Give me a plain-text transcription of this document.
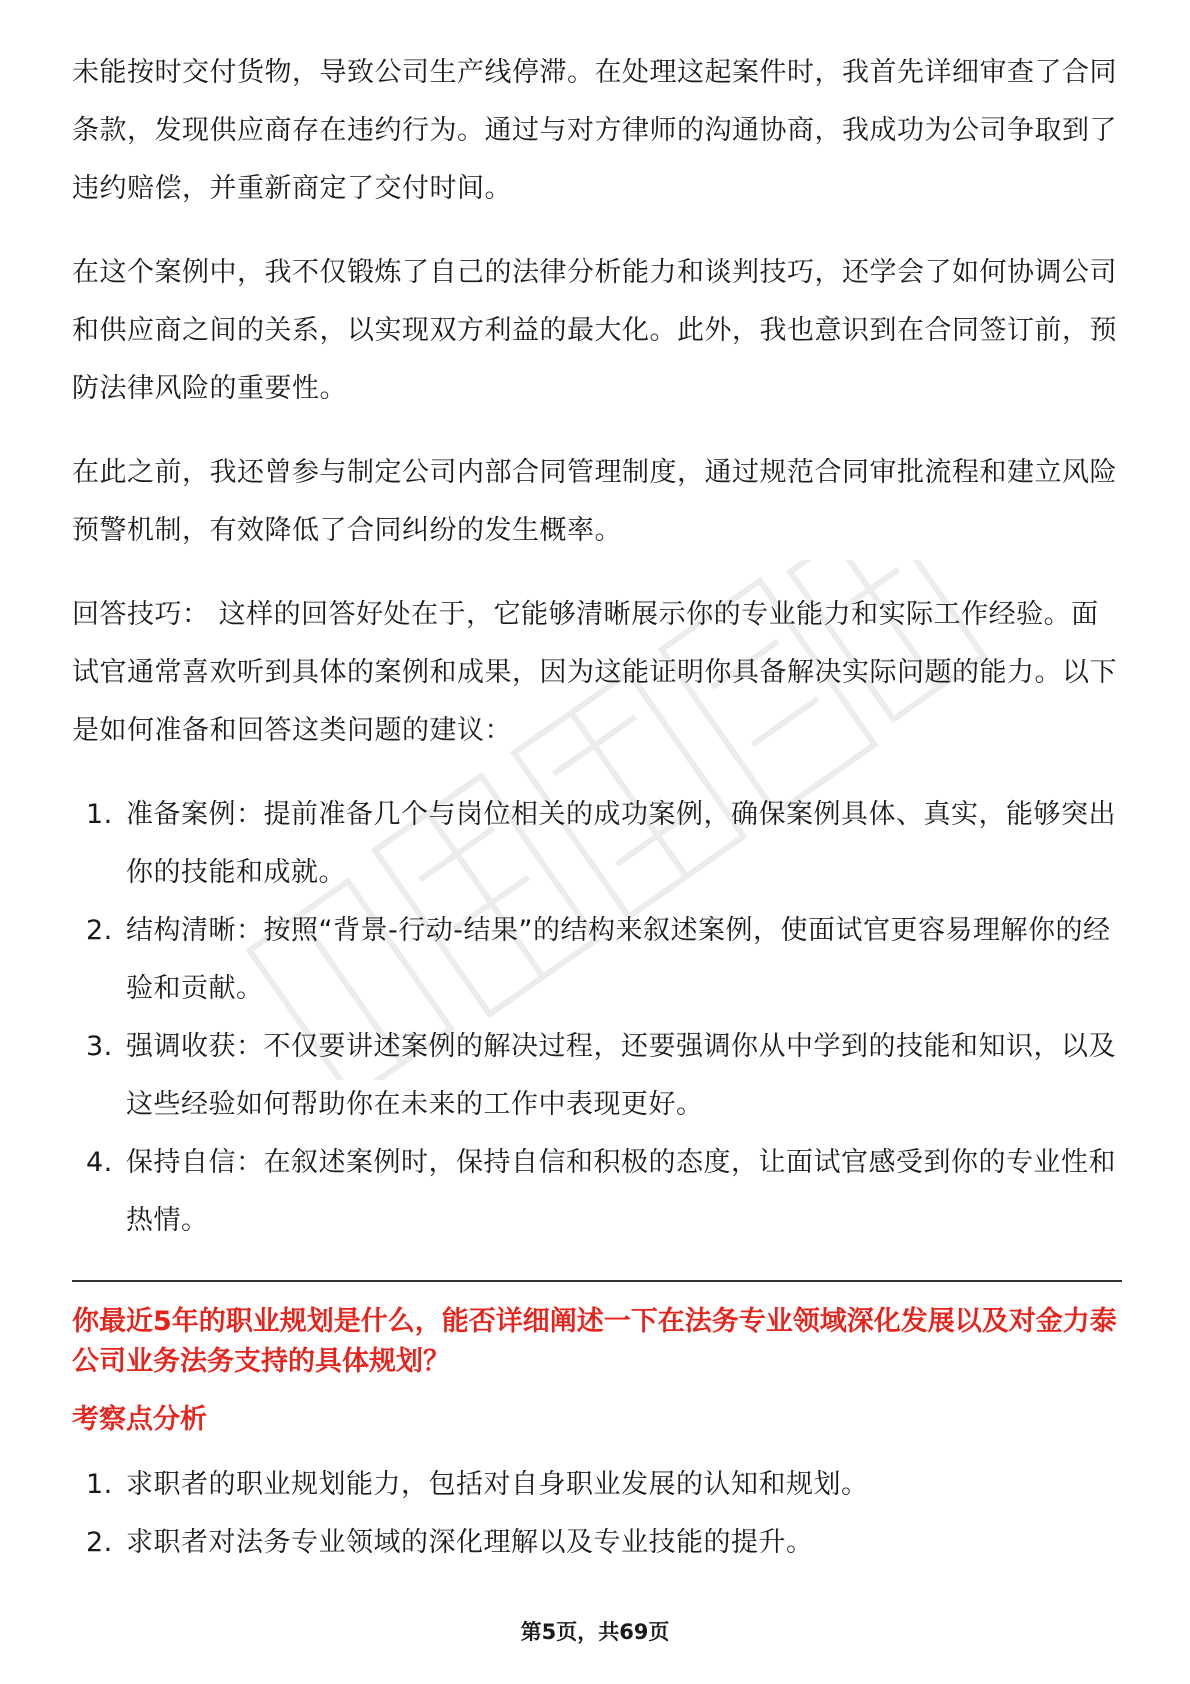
未能按时交付货物，导致公司生产线停滞。在处理这起案件时，我首先详细审查了合同条款，发现供应商存在违约行为。通过与对方律师的沟通协商，我成功为公司争取到了违约赔偿，并重新商定了交付时间。

在这个案例中，我不仅锻炼了自己的法律分析能力和谈判技巧，还学会了如何协调公司和供应商之间的关系，以实现双方利益的最大化。此外，我也意识到在合同签订前，预防法律风险的重要性。

在此之前，我还曾参与制定公司内部合同管理制度，通过规范合同审批流程和建立风险预警机制，有效降低了合同纠纷的发生概率。

回答技巧： 这样的回答好处在于，它能够清晰展示你的专业能力和实际工作经验。面试官通常喜欢听到具体的案例和成果，因为这能证明你具备解决实际问题的能力。以下是如何准备和回答这类问题的建议：

1. 准备案例：提前准备几个与岗位相关的成功案例，确保案例具体、真实，能够突出你的技能和成就。
2. 结构清晰：按照“背景-行动-结果”的结构来叙述案例，使面试官更容易理解你的经验和贡献。
3. 强调收获：不仅要讲述案例的解决过程，还要强调你从中学到的技能和知识，以及这些经验如何帮助你在未来的工作中表现更好。
4. 保持自信：在叙述案例时，保持自信和积极的态度，让面试官感受到你的专业性和热情。

你最近5年的职业规划是什么，能否详细阐述一下在法务专业领域深化发展以及对金力泰公司业务法务支持的具体规划？

考察点分析

1. 求职者的职业规划能力，包括对自身职业发展的认知和规划。
2. 求职者对法务专业领域的深化理解以及专业技能的提升。
第5页，共69页
